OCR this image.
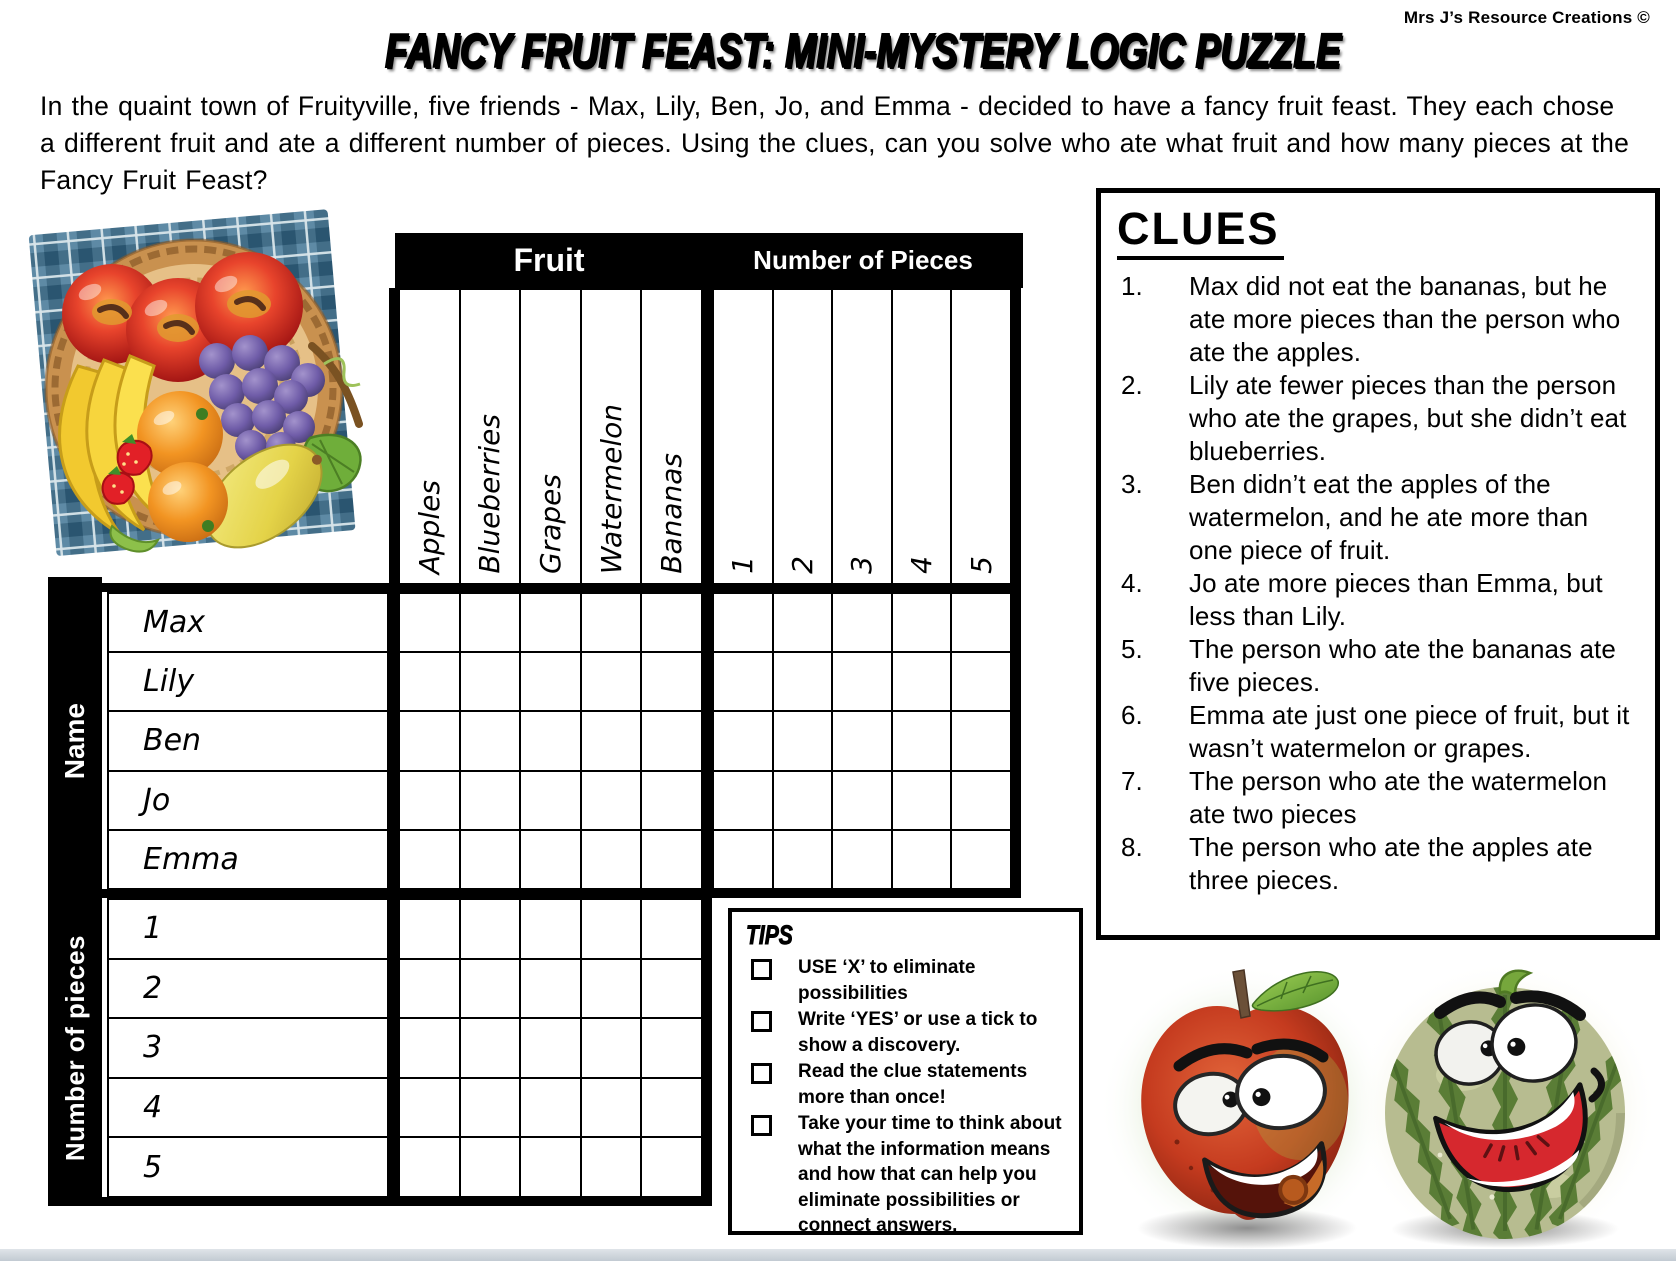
Mrs J’s Resource Creations ©
FANCY FRUIT FEAST: MINI-MYSTERY LOGIC PUZZLE
In the quaint town of Fruityville, five friends - Max, Lily, Ben, Jo, and Emma - decided to have a fancy fruit feast. They each chose a different fruit and ate a different number of pieces. Using the clues, can you solve who ate what fruit and how many pieces at the Fancy Fruit Feast?
Fruit	Number of Pieces
Apples Blueberries Grapes Watermelon Bananas 1 2 3 4 5
Name
Number of pieces
Max
Lily
Ben
Jo
Emma
1
2
3
4
5
CLUES
1.	Max did not eat the bananas, but he ate more pieces than the person who ate the apples.
2.	Lily ate fewer pieces than the person who ate the grapes, but she didn’t eat blueberries.
3.	Ben didn’t eat the apples of the watermelon, and he ate more than one piece of fruit.
4.	Jo ate more pieces than Emma, but less than Lily.
5.	The person who ate the bananas ate five pieces.
6.	Emma ate just one piece of fruit, but it wasn’t watermelon or grapes.
7.	The person who ate the watermelon ate two pieces
8.	The person who ate the apples ate three pieces.
TIPS
USE ‘X’ to eliminate possibilities
Write ‘YES’ or use a tick to show a discovery.
Read the clue statements more than once!
Take your time to think about what the information means and how that can help you eliminate possibilities or connect answers.
